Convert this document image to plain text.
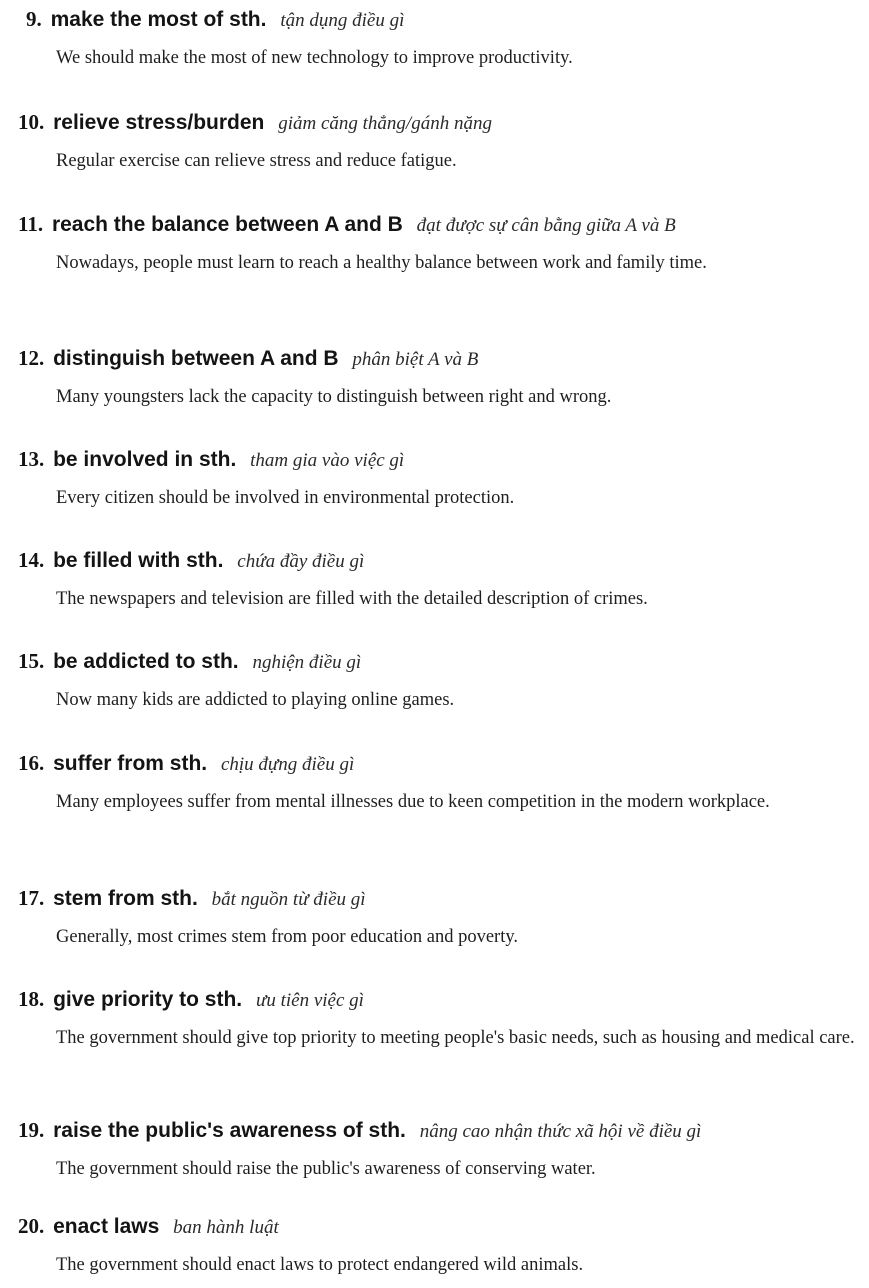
9. make the most of sth. tận dụng điều gì
We should make the most of new technology to improve productivity.
10. relieve stress/burden giảm căng thẳng/gánh nặng
Regular exercise can relieve stress and reduce fatigue.
11. reach the balance between A and B đạt được sự cân bằng giữa A và B
Nowadays, people must learn to reach a healthy balance between work and family time.
12. distinguish between A and B phân biệt A và B
Many youngsters lack the capacity to distinguish between right and wrong.
13. be involved in sth. tham gia vào việc gì
Every citizen should be involved in environmental protection.
14. be filled with sth. chứa đầy điều gì
The newspapers and television are filled with the detailed description of crimes.
15. be addicted to sth. nghiện điều gì
Now many kids are addicted to playing online games.
16. suffer from sth. chịu đựng điều gì
Many employees suffer from mental illnesses due to keen competition in the modern workplace.
17. stem from sth. bắt nguồn từ điều gì
Generally, most crimes stem from poor education and poverty.
18. give priority to sth. ưu tiên việc gì
The government should give top priority to meeting people's basic needs, such as housing and medical care.
19. raise the public's awareness of sth. nâng cao nhận thức xã hội về điều gì
The government should raise the public's awareness of conserving water.
20. enact laws ban hành luật
The government should enact laws to protect endangered wild animals.
